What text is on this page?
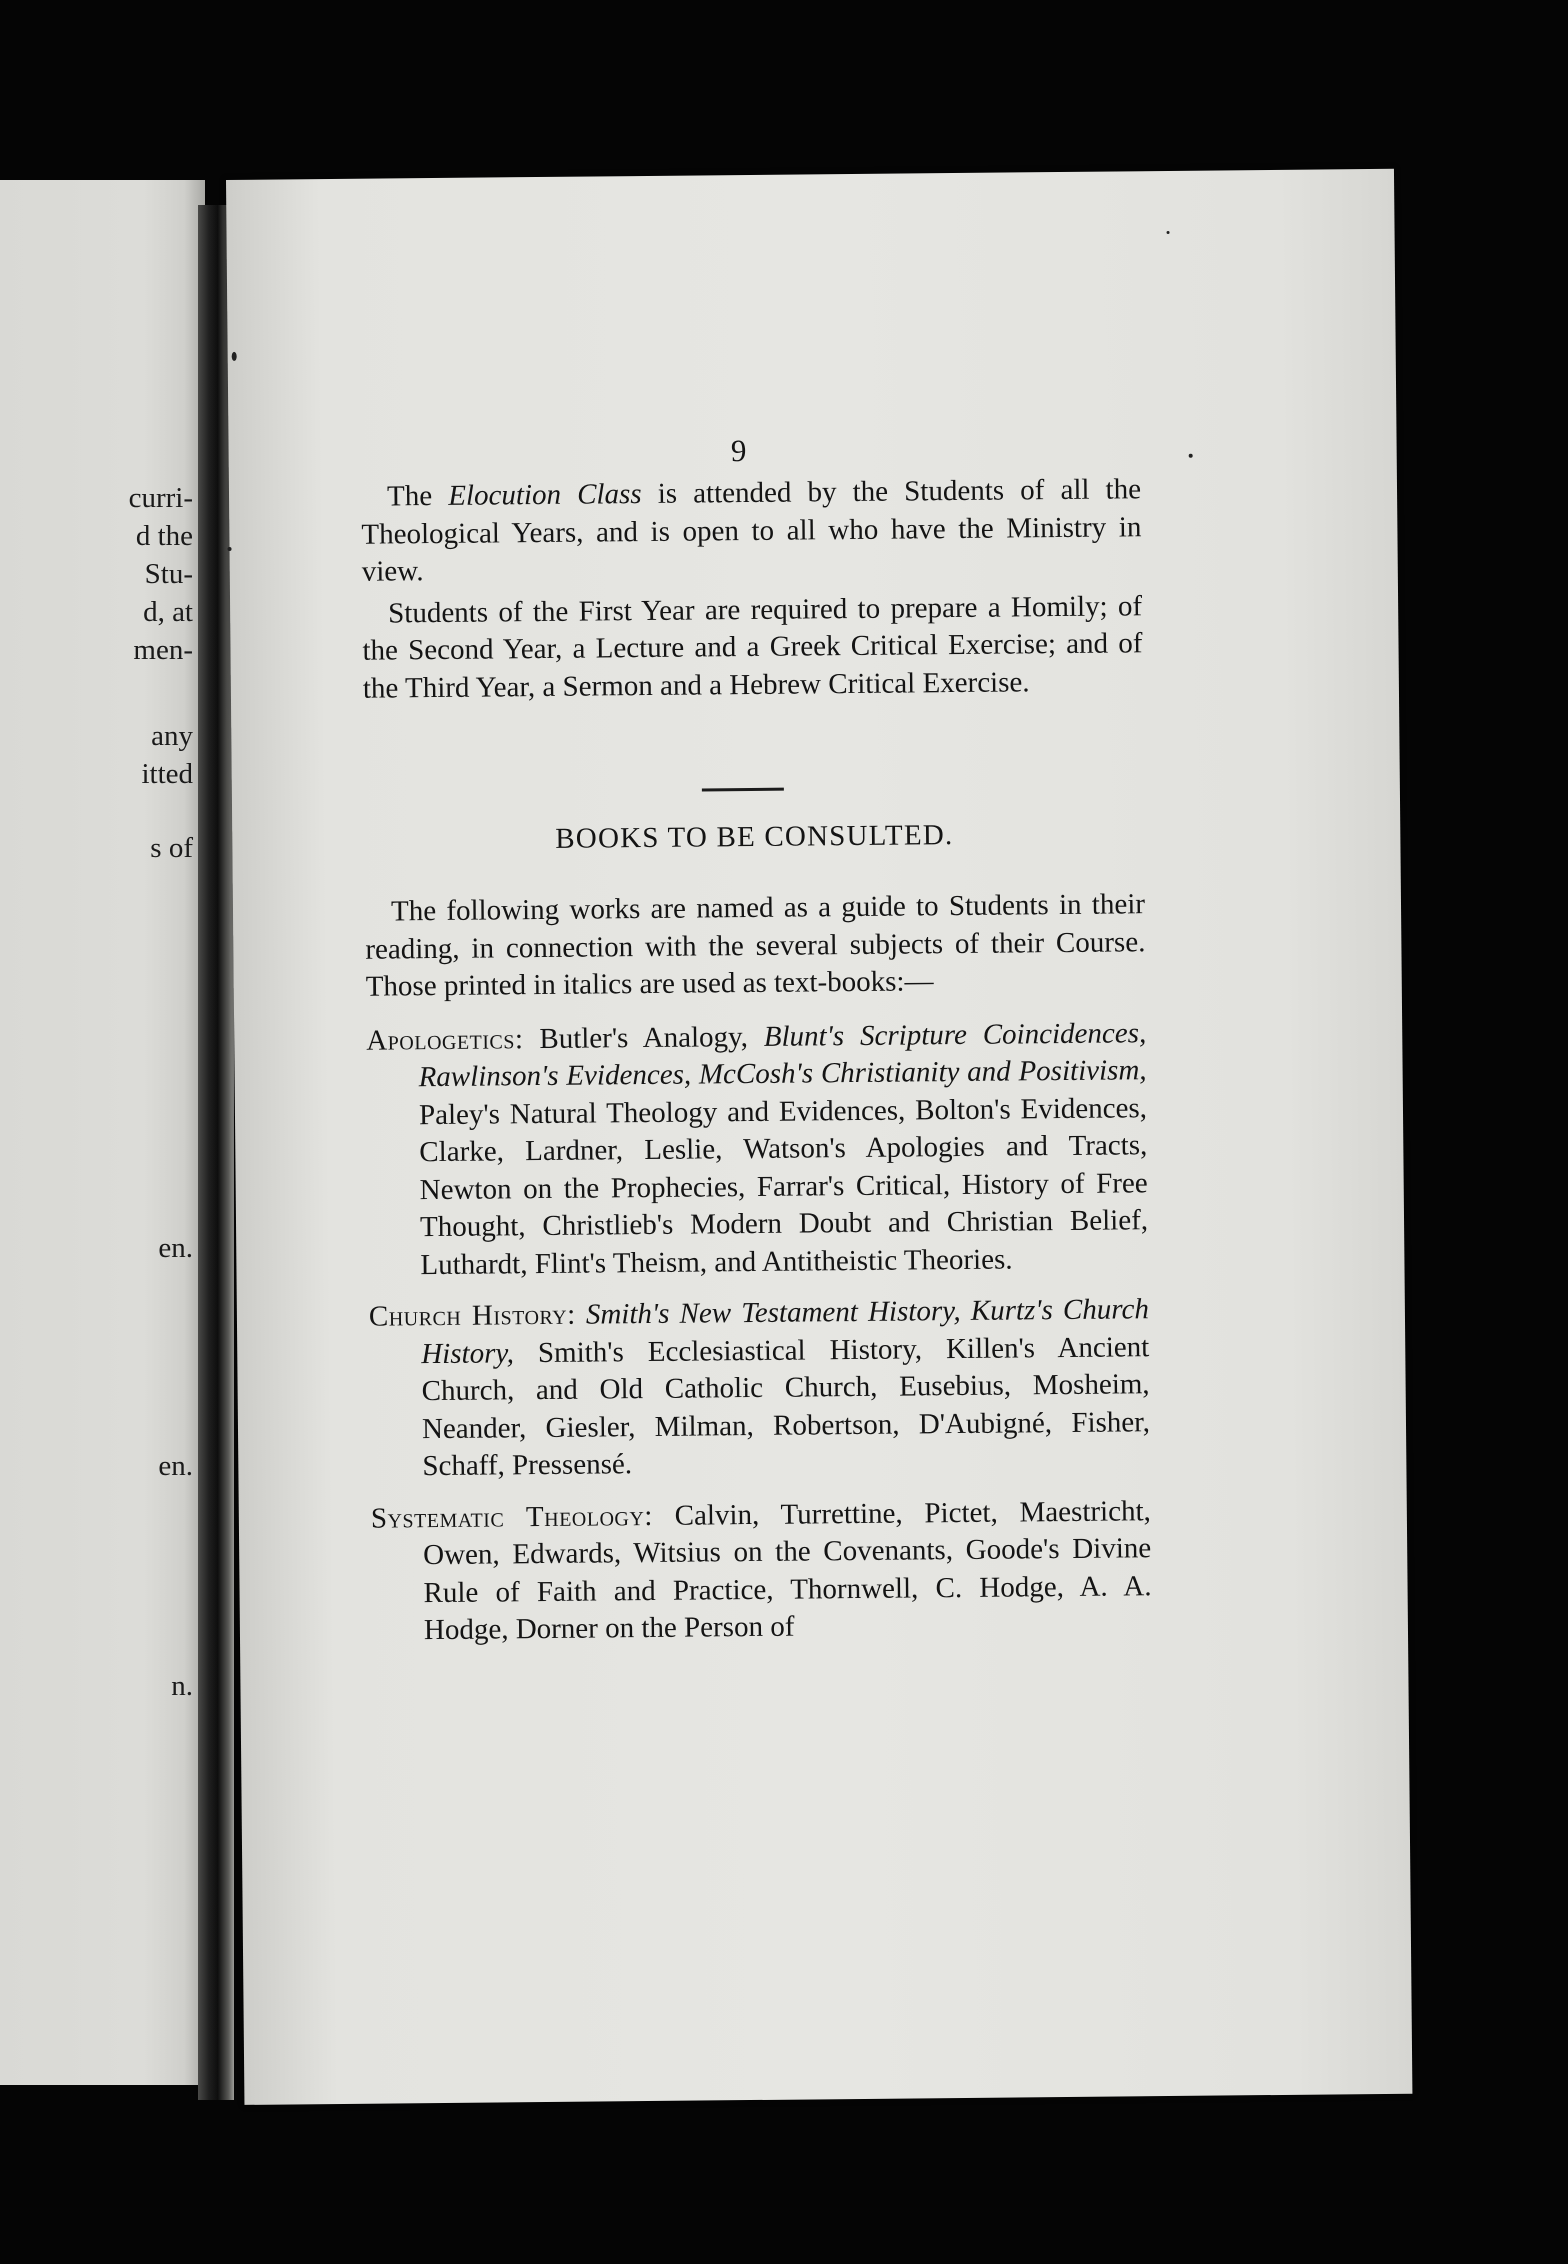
curri-
d the
Stu-
d, at
men-
any
itted
s of
en.
en.
n.
9

The Elocution Class is attended by the Students of all the Theological Years, and is open to all who have the Ministry in view.

Students of the First Year are required to prepare a Homily; of the Second Year, a Lecture and a Greek Critical Exercise; and of the Third Year, a Sermon and a Hebrew Critical Exercise.

BOOKS TO BE CONSULTED.

The following works are named as a guide to Students in their reading, in connection with the several subjects of their Course. Those printed in italics are used as text-books:—

Apologetics: Butler's Analogy, Blunt's Scripture Coincidences, Rawlinson's Evidences, McCosh's Christianity and Positivism, Paley's Natural Theology and Evidences, Bolton's Evidences, Clarke, Lardner, Leslie, Watson's Apologies and Tracts, Newton on the Prophecies, Farrar's Critical, History of Free Thought, Christlieb's Modern Doubt and Christian Belief, Luthardt, Flint's Theism, and Antitheistic Theories.

Church History: Smith's New Testament History, Kurtz's Church History, Smith's Ecclesiastical History, Killen's Ancient Church, and Old Catholic Church, Eusebius, Mosheim, Neander, Giesler, Milman, Robertson, D'Aubigné, Fisher, Schaff, Pressensé.

Systematic Theology: Calvin, Turrettine, Pictet, Maestricht, Owen, Edwards, Witsius on the Covenants, Goode's Divine Rule of Faith and Practice, Thornwell, C. Hodge, A. A. Hodge, Dorner on the Person of
